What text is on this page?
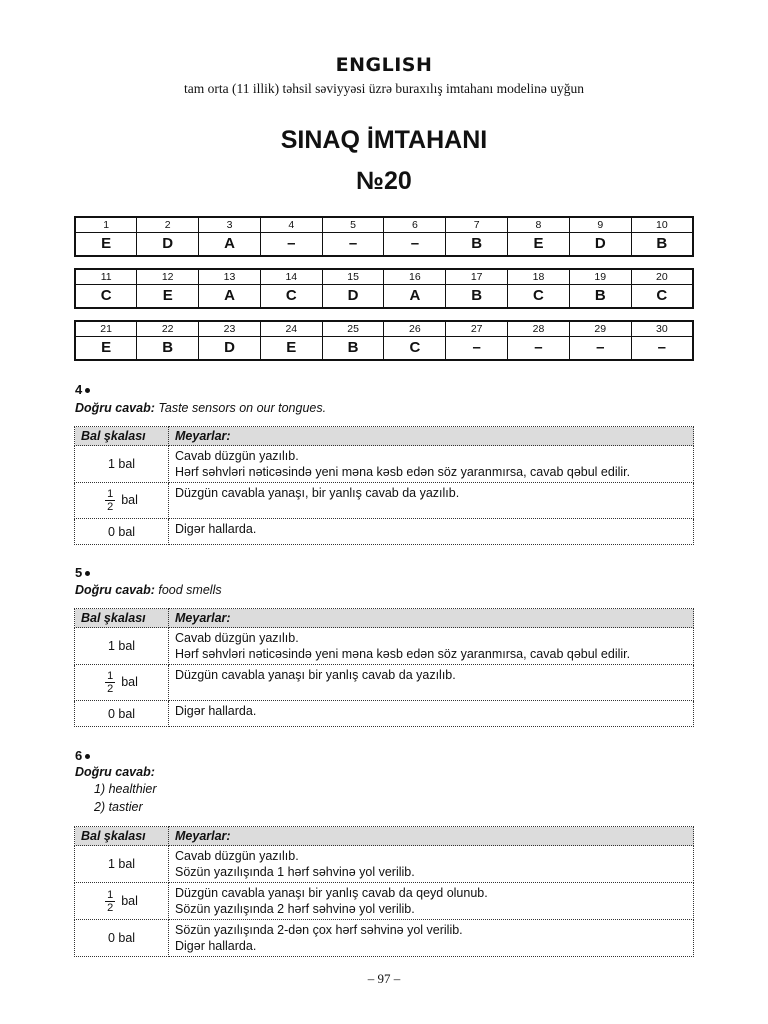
ENGLISH
tam orta (11 illik) təhsil səviyyəsi üzrə buraxılış imtahanı modelinə uyğun
SINAQ İMTAHANI
№20
1	2	3	4	5	6	7	8	9	10
E	D	A	–	–	–	B	E	D	B
11	12	13	14	15	16	17	18	19	20
C	E	A	C	D	A	B	C	B	C
21	22	23	24	25	26	27	28	29	30
E	B	D	E	B	C	–	–	–	–
4
Doğru cavab: Taste sensors on our tongues.
Bal şkalası	Meyarlar:
1 bal	Cavab düzgün yazılıb.
Hərf səhvləri nəticəsində yeni məna kəsb edən söz yaranmırsa, cavab qəbul edilir.

$\frac{1}{2}$ bal	Düzgün cavabla yanaşı, bir yanlış cavab da yazılıb.

0 bal	Digər hallarda.
5
Doğru cavab: food smells
Bal şkalası	Meyarlar:
1 bal	Cavab düzgün yazılıb.
Hərf səhvləri nəticəsində yeni məna kəsb edən söz yaranmırsa, cavab qəbul edilir.

$\frac{1}{2}$ bal	Düzgün cavabla yanaşı bir yanlış cavab da yazılıb.

0 bal	Digər hallarda.
6
Doğru cavab:
1) healthier
2) tastier
Bal şkalası	Meyarlar:
1 bal	Cavab düzgün yazılıb.
Sözün yazılışında 1 hərf səhvinə yol verilib.

$\frac{1}{2}$ bal	Düzgün cavabla yanaşı bir yanlış cavab da qeyd olunub.
Sözün yazılışında 2 hərf səhvinə yol verilib.

0 bal	Sözün yazılışında 2-dən çox hərf səhvinə yol verilib.
Digər hallarda.
– 97 –
